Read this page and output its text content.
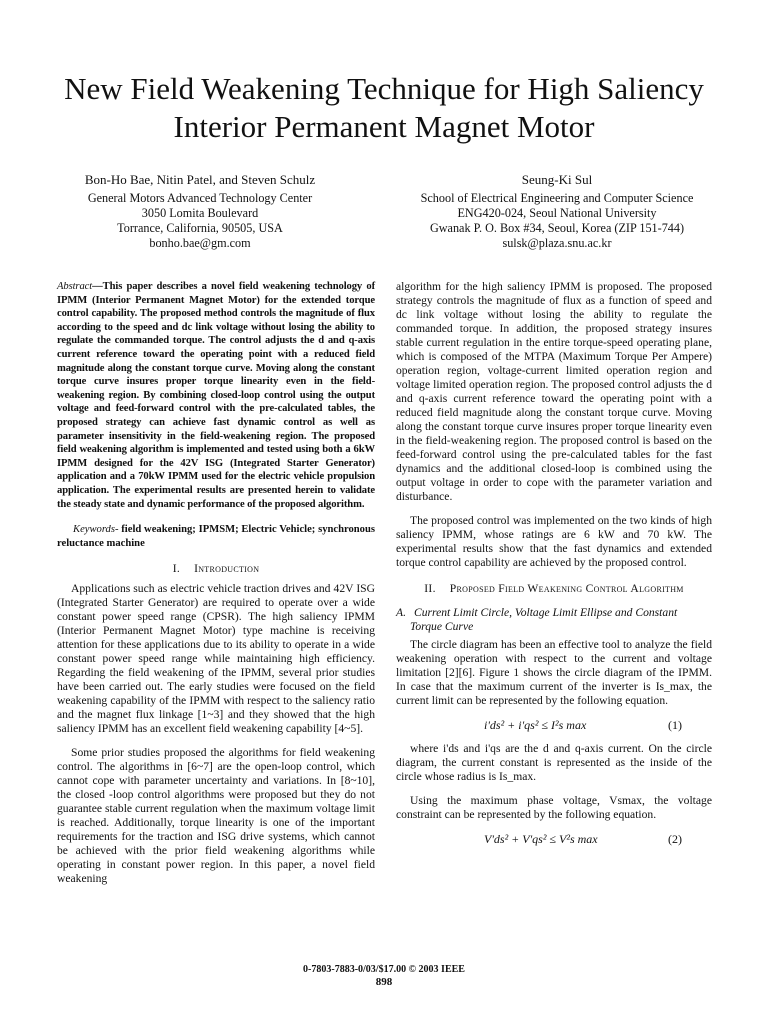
New Field Weakening Technique for High Saliency Interior Permanent Magnet Motor
Bon-Ho Bae, Nitin Patel, and Steven Schulz
General Motors Advanced Technology Center
3050 Lomita Boulevard
Torrance, California, 90505, USA
bonho.bae@gm.com
Seung-Ki Sul
School of Electrical Engineering and Computer Science
ENG420-024, Seoul National University
Gwanak P. O. Box #34, Seoul, Korea (ZIP 151-744)
sulsk@plaza.snu.ac.kr

Abstract—This paper describes a novel field weakening technology of IPMM (Interior Permanent Magnet Motor) for the extended torque control capability. The proposed method controls the magnitude of flux according to the speed and dc link voltage without losing the ability to regulate the commanded torque. The control adjusts the d and q-axis current reference toward the operating point with a reduced field magnitude along the constant torque curve. Moving along the constant torque curve insures proper torque linearity even in the field-weakening region. By combining closed-loop control using the output voltage and feed-forward control with the pre-calculated tables, the proposed strategy can achieve fast dynamic control as well as parameter insensitivity in the field-weakening region. The proposed field weakening algorithm is implemented and tested using both a 6kW IPMM designed for the 42V ISG (Integrated Starter Generator) application and a 70kW IPMM used for the electric vehicle propulsion application. The experimental results are presented herein to validate the steady state and dynamic performance of the proposed algorithm.

Keywords- field weakening; IPMSM; Electric Vehicle; synchronous reluctance machine

I. Introduction

Applications such as electric vehicle traction drives and 42V ISG (Integrated Starter Generator) are required to operate over a wide constant power speed range (CPSR). The high saliency IPMM (Interior Permanent Magnet Motor) type machine is receiving attention for these applications due to its ability to operate in a wide constant power speed range while maintaining high efficiency. Regarding the field weakening of the IPMM, several prior studies have been carried out. The early studies were focused on the field weakening capability of the IPMM with respect to the saliency ratio and the magnet flux linkage [1~3] and they showed that the high saliency IPMM has an excellent field weakening capability [4~5].

Some prior studies proposed the algorithms for field weakening control. The algorithms in [6~7] are the open-loop control, which cannot cope with parameter uncertainty and variations. In [8~10], the closed -loop control algorithms were proposed but they do not guarantee stable current regulation when the maximum voltage limit is reached. Additionally, torque linearity is one of the important requirements for the traction and ISG drive systems, which cannot be achieved with the prior field weakening algorithms while operating in constant power region. In this paper, a novel field weakening

algorithm for the high saliency IPMM is proposed. The proposed strategy controls the magnitude of flux as a function of speed and dc link voltage without losing the ability to regulate the commanded torque. In addition, the proposed strategy insures stable current regulation in the entire torque-speed operating plane, which is composed of the MTPA (Maximum Torque Per Ampere) operation region, voltage-current limited operation region and voltage limited operation region. The proposed control adjusts the d and q-axis current reference toward the operating point with a reduced field magnitude along the constant torque curve. Moving along the constant torque curve insures proper torque linearity even in the field-weakening region. The proposed control is based on the feed-forward control using the pre-calculated tables for the fast dynamics and the additional closed-loop is combined using the output voltage in order to cope with the parameter variation and disturbance.

The proposed control was implemented on the two kinds of high saliency IPMM, whose ratings are 6 kW and 70 kW. The experimental results show that the fast dynamics and extended torque control capability are achieved by the proposed control.

II. Proposed Field Weakening Control Algorithm
A. Current Limit Circle, Voltage Limit Ellipse and Constant Torque Curve

The circle diagram has been an effective tool to analyze the field weakening operation with respect to the current and voltage limitation [2][6]. Figure 1 shows the circle diagram of the IPMM. In case that the maximum current of the inverter is Is_max, the current limit can be represented by the following equation.

i'ds² + i'qs² ≤ I²s max	(1)

where i'ds and i'qs are the d and q-axis current. On the circle diagram, the current constant is represented as the inside of the circle whose radius is Is_max.

Using the maximum phase voltage, Vsmax, the voltage constraint can be represented by the following equation.

V'ds² + V'qs² ≤ V²s max	(2)
0-7803-7883-0/03/$17.00 © 2003 IEEE
898
